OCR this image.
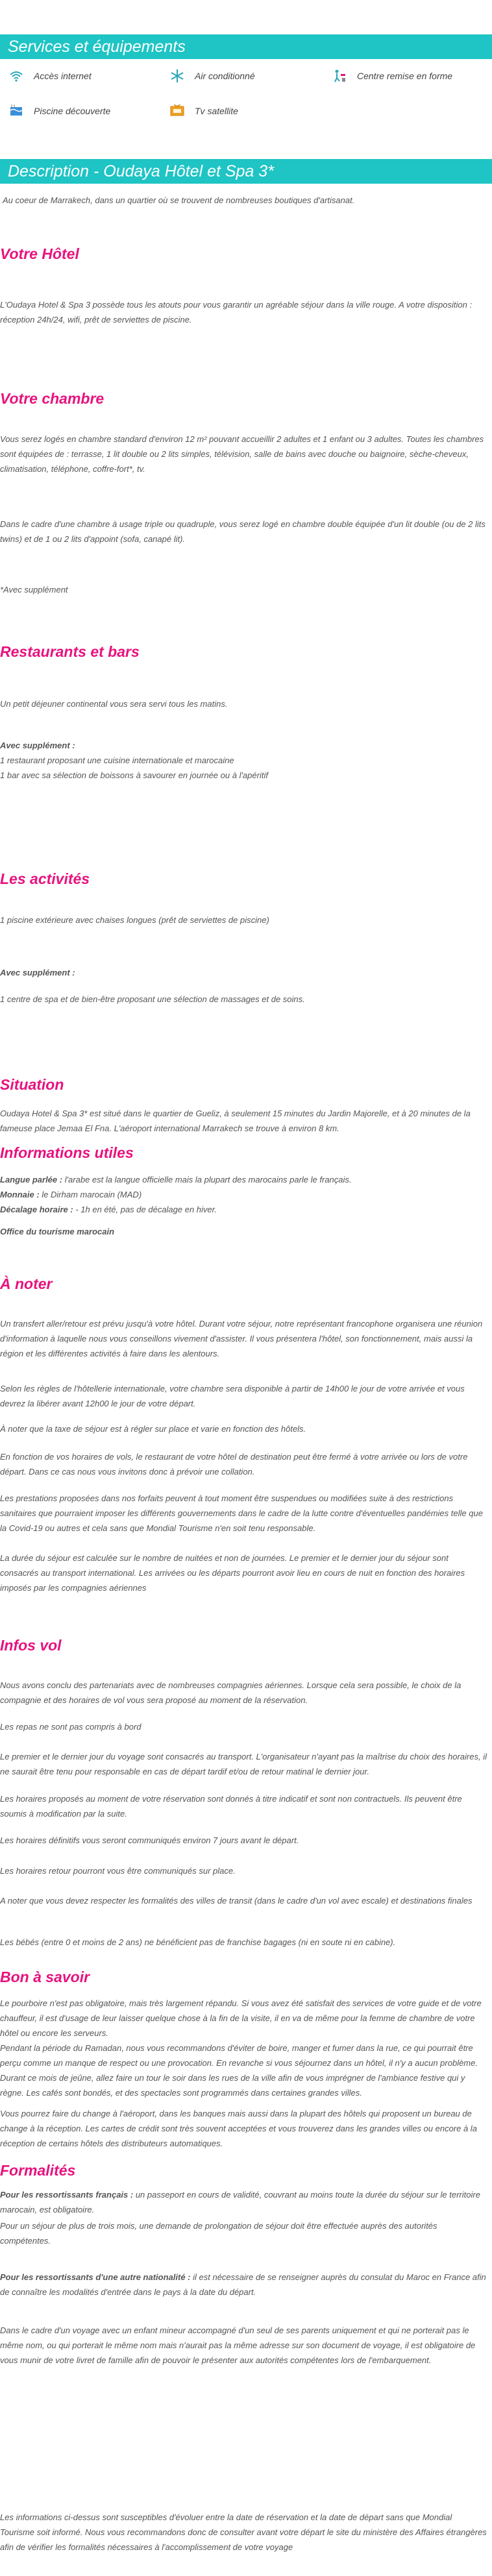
Services et équipements
Accès internet	Air conditionné	Centre remise en forme
Piscine découverte	Tv satellite
Description - Oudaya Hôtel et Spa 3*

Au coeur de Marrakech, dans un quartier où se trouvent de nombreuses boutiques d'artisanat.

Votre Hôtel

L'Oudaya Hotel & Spa 3 possède tous les atouts pour vous garantir un agréable séjour dans la ville rouge. A votre disposition : réception 24h/24, wifi, prêt de serviettes de piscine.

Votre chambre

Vous serez logés en chambre standard d'environ 12 m² pouvant accueillir 2 adultes et 1 enfant ou 3 adultes. Toutes les chambres sont équipées de : terrasse, 1 lit double ou 2 lits simples, télévision, salle de bains avec douche ou baignoire, sèche-cheveux, climatisation, téléphone, coffre-fort*, tv.

Dans le cadre d'une chambre à usage triple ou quadruple, vous serez logé en chambre double équipée d'un lit double (ou de 2 lits twins) et de 1 ou 2 lits d'appoint (sofa, canapé lit).

*Avec supplément

Restaurants et bars

Un petit déjeuner continental vous sera servi tous les matins.

Avec supplément :

1 restaurant proposant une cuisine internationale et marocaine

1 bar avec sa sélection de boissons à savourer en journée ou à l'apéritif

Les activités

1 piscine extérieure avec chaises longues (prêt de serviettes de piscine)

Avec supplément :

1 centre de spa et de bien-être proposant une sélection de massages et de soins.

Situation

Oudaya Hotel & Spa 3* est situé dans le quartier de Gueliz, à seulement 15 minutes du Jardin Majorelle, et à 20 minutes de la fameuse place Jemaa El Fna. L'aéroport international Marrakech se trouve à environ 8 km.

Informations utiles

Langue parlée : l'arabe est la langue officielle mais la plupart des marocains parle le français.

Monnaie : le Dirham marocain (MAD)

Décalage horaire : - 1h en été, pas de décalage en hiver.

Office du tourisme marocain

À noter

Un transfert aller/retour est prévu jusqu'à votre hôtel. Durant votre séjour, notre représentant francophone organisera une réunion d'information à laquelle nous vous conseillons vivement d'assister. Il vous présentera l'hôtel, son fonctionnement, mais aussi la région et les différentes activités à faire dans les alentours.

Selon les règles de l'hôtellerie internationale, votre chambre sera disponible à partir de 14h00 le jour de votre arrivée et vous devrez la libérer avant 12h00 le jour de votre départ.

À noter que la taxe de séjour est à régler sur place et varie en fonction des hôtels.

En fonction de vos horaires de vols, le restaurant de votre hôtel de destination peut être fermé à votre arrivée ou lors de votre départ. Dans ce cas nous vous invitons donc à prévoir une collation.

Les prestations proposées dans nos forfaits peuvent à tout moment être suspendues ou modifiées suite à des restrictions sanitaires que pourraient imposer les différents gouvernements dans le cadre de la lutte contre d'éventuelles pandémies telle que la Covid-19 ou autres et cela sans que Mondial Tourisme n'en soit tenu responsable.

La durée du séjour est calculée sur le nombre de nuitées et non de journées. Le premier et le dernier jour du séjour sont consacrés au transport international. Les arrivées ou les départs pourront avoir lieu en cours de nuit en fonction des horaires imposés par les compagnies aériennes

Infos vol

Nous avons conclu des partenariats avec de nombreuses compagnies aériennes. Lorsque cela sera possible, le choix de la compagnie et des horaires de vol vous sera proposé au moment de la réservation.

Les repas ne sont pas compris à bord

Le premier et le dernier jour du voyage sont consacrés au transport. L'organisateur n'ayant pas la maîtrise du choix des horaires, il ne saurait être tenu pour responsable en cas de départ tardif et/ou de retour matinal le dernier jour.

Les horaires proposés au moment de votre réservation sont donnés à titre indicatif et sont non contractuels. Ils peuvent être soumis à modification par la suite.

Les horaires définitifs vous seront communiqués environ 7 jours avant le départ.

Les horaires retour pourront vous être communiqués sur place.

A noter que vous devez respecter les formalités des villes de transit (dans le cadre d'un vol avec escale) et destinations finales

Les bébés (entre 0 et moins de 2 ans) ne bénéficient pas de franchise bagages (ni en soute ni en cabine).

Bon à savoir

Le pourboire n'est pas obligatoire, mais très largement répandu. Si vous avez été satisfait des services de votre guide et de votre chauffeur, il est d'usage de leur laisser quelque chose à la fin de la visite, il en va de même pour la femme de chambre de votre hôtel ou encore les serveurs.

Pendant la période du Ramadan, nous vous recommandons d'éviter de boire, manger et fumer dans la rue, ce qui pourrait être perçu comme un manque de respect ou une provocation. En revanche si vous séjournez dans un hôtel, il n'y a aucun problème. Durant ce mois de jeûne, allez faire un tour le soir dans les rues de la ville afin de vous imprégner de l'ambiance festive qui y règne. Les cafés sont bondés, et des spectacles sont programmés dans certaines grandes villes.

Vous pourrez faire du change à l'aéroport, dans les banques mais aussi dans la plupart des hôtels qui proposent un bureau de change à la réception. Les cartes de crédit sont très souvent acceptées et vous trouverez dans les grandes villes ou encore à la réception de certains hôtels des distributeurs automatiques.

Formalités

Pour les ressortissants français : un passeport en cours de validité, couvrant au moins toute la durée du séjour sur le territoire marocain, est obligatoire.

Pour un séjour de plus de trois mois, une demande de prolongation de séjour doit être effectuée auprès des autorités compétentes.

Pour les ressortissants d'une autre nationalité : il est nécessaire de se renseigner auprès du consulat du Maroc en France afin de connaître les modalités d'entrée dans le pays à la date du départ.

Dans le cadre d'un voyage avec un enfant mineur accompagné d'un seul de ses parents uniquement et qui ne porterait pas le même nom, ou qui porterait le même nom mais n'aurait pas la même adresse sur son document de voyage, il est obligatoire de vous munir de votre livret de famille afin de pouvoir le présenter aux autorités compétentes lors de l'embarquement.

Les informations ci-dessus sont susceptibles d'évoluer entre la date de réservation et la date de départ sans que Mondial Tourisme soit informé. Nous vous recommandons donc de consulter avant votre départ le site du ministère des Affaires étrangères afin de vérifier les formalités nécessaires à l'accomplissement de votre voyage
